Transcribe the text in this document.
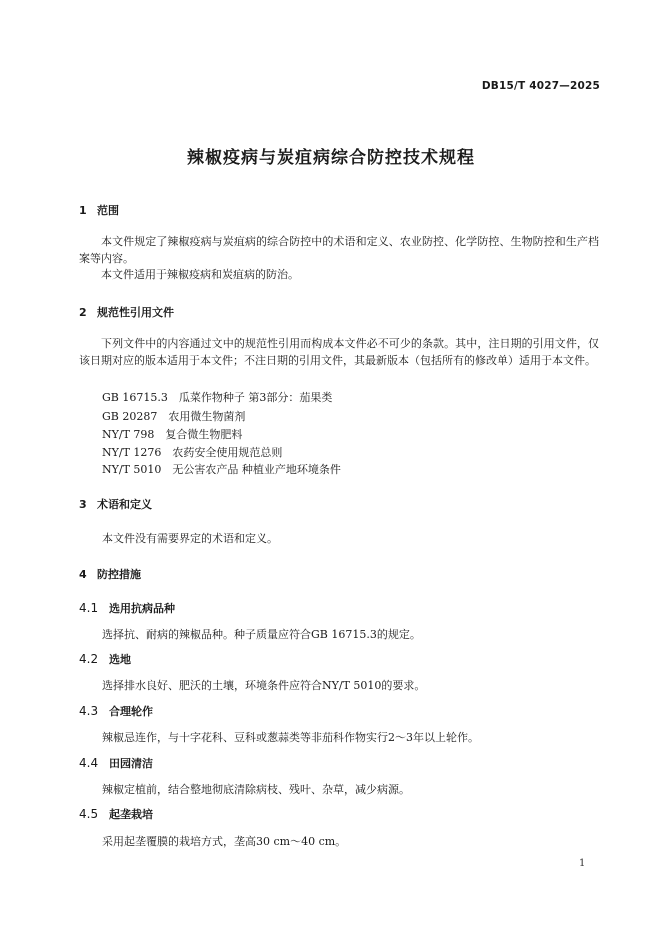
DB15/T 4027—2025
辣椒疫病与炭疽病综合防控技术规程
1 范围
本文件规定了辣椒疫病与炭疽病的综合防控中的术语和定义、农业防控、化学防控、生物防控和生产档案等内容。
本文件适用于辣椒疫病和炭疽病的防治。
2 规范性引用文件
下列文件中的内容通过文中的规范性引用而构成本文件必不可少的条款。其中，注日期的引用文件，仅该日期对应的版本适用于本文件；不注日期的引用文件，其最新版本（包括所有的修改单）适用于本文件。
GB 16715.3　瓜菜作物种子 第3部分：茄果类
GB 20287　农用微生物菌剂
NY/T 798　复合微生物肥料
NY/T 1276　农药安全使用规范总则
NY/T 5010　无公害农产品 种植业产地环境条件
3 术语和定义
本文件没有需要界定的术语和定义。
4 防控措施
4.1 选用抗病品种
选择抗、耐病的辣椒品种。种子质量应符合GB 16715.3的规定。
4.2 选地
选择排水良好、肥沃的土壤，环境条件应符合NY/T 5010的要求。
4.3 合理轮作
辣椒忌连作，与十字花科、豆科或葱蒜类等非茄科作物实行2～3年以上轮作。
4.4 田园清洁
辣椒定植前，结合整地彻底清除病枝、残叶、杂草，减少病源。
4.5 起垄栽培
采用起垄覆膜的栽培方式，垄高30 cm～40 cm。
1
